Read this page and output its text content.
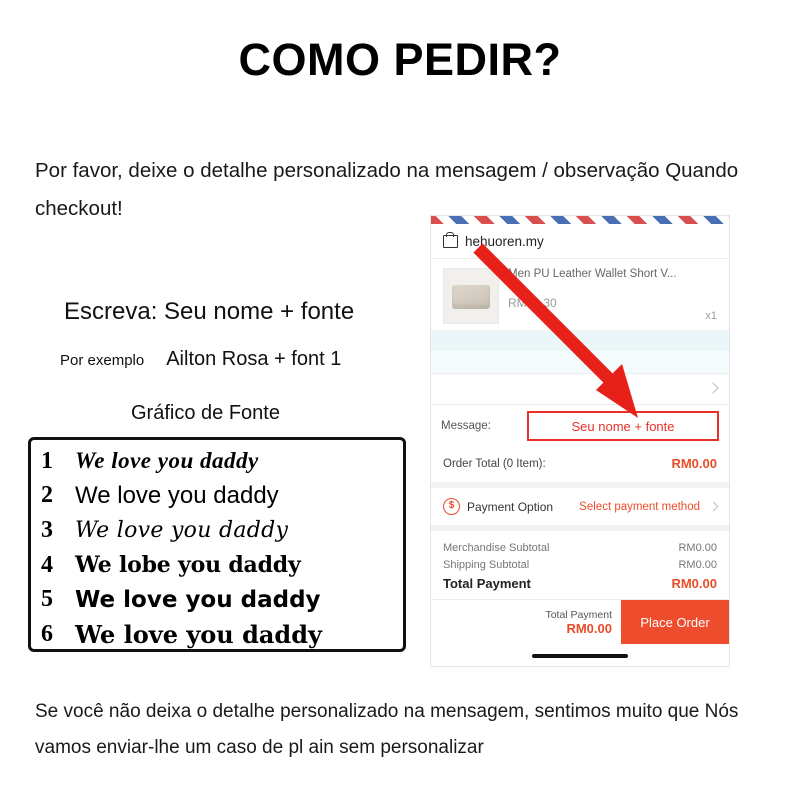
COMO PEDIR?
Por favor, deixe o detalhe personalizado na mensagem / observação Quando checkout!
Escreva: Seu nome + fonte
Por exemplo Ailton Rosa + font 1
Gráfico de Fonte
1 We love you daddy
2 We love you daddy
3	We love you daddy
4	We lobe you daddy
5 We love you daddy
6 We love you daddy
hehuoren.my
Men PU Leather Wallet Short V...
RM19.30
x1
Message:	Seu nome + fonte
Order Total (0 Item):	RM0.00
$	Payment Option	Select payment method
Merchandise Subtotal	RM0.00
Shipping Subtotal	RM0.00
Total Payment	RM0.00
Total Payment
RM0.00	Place Order
Se você não deixa o detalhe personalizado na mensagem, sentimos muito que Nós vamos enviar-lhe um caso de pl ain sem personalizar
